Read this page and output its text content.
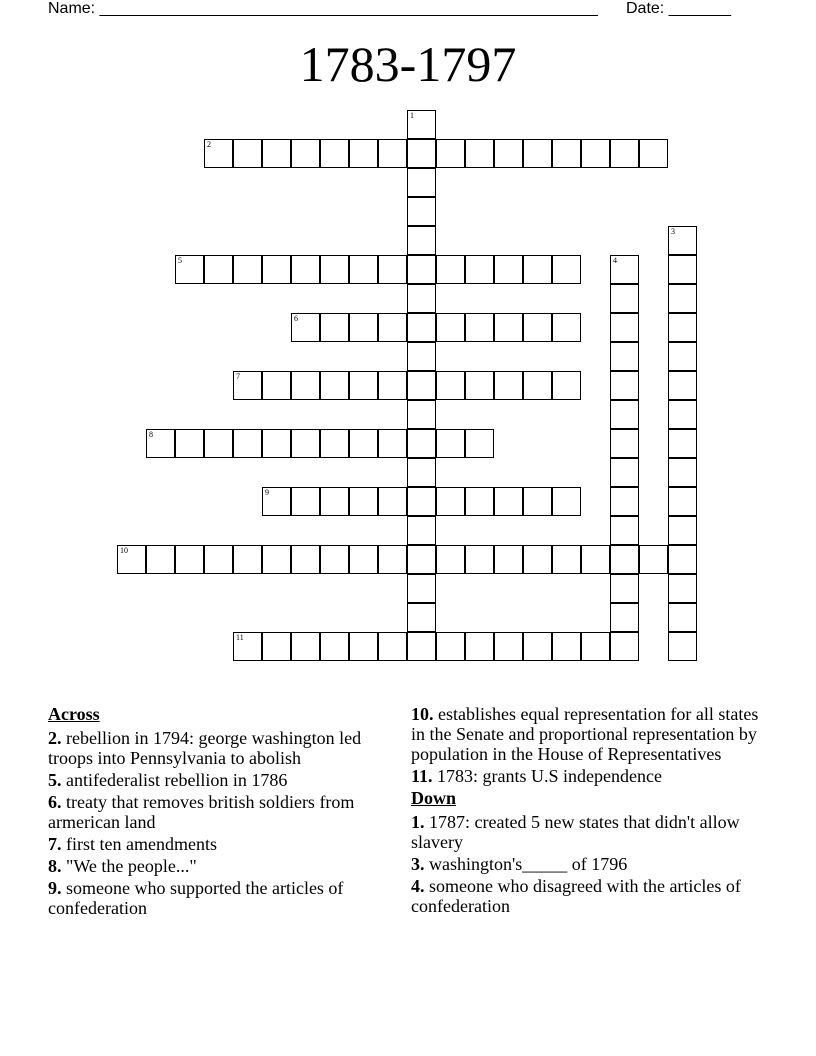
Name: ________________________________________________________ Date: _______
1783-1797
2
5
6
7
8
9
10
11
1
3
4
Across
2. rebellion in 1794: george washington led troops into Pennsylvania to abolish
5. antifederalist rebellion in 1786
6. treaty that removes british soldiers from armerican land
7. first ten amendments
8. "We the people..."
9. someone who supported the articles of confederation
10. establishes equal representation for all states in the Senate and proportional representation by population in the House of Representatives
11. 1783: grants U.S independence
Down
1. 1787: created 5 new states that didn't allow slavery
3. washington's_____ of 1796
4. someone who disagreed with the articles of confederation
